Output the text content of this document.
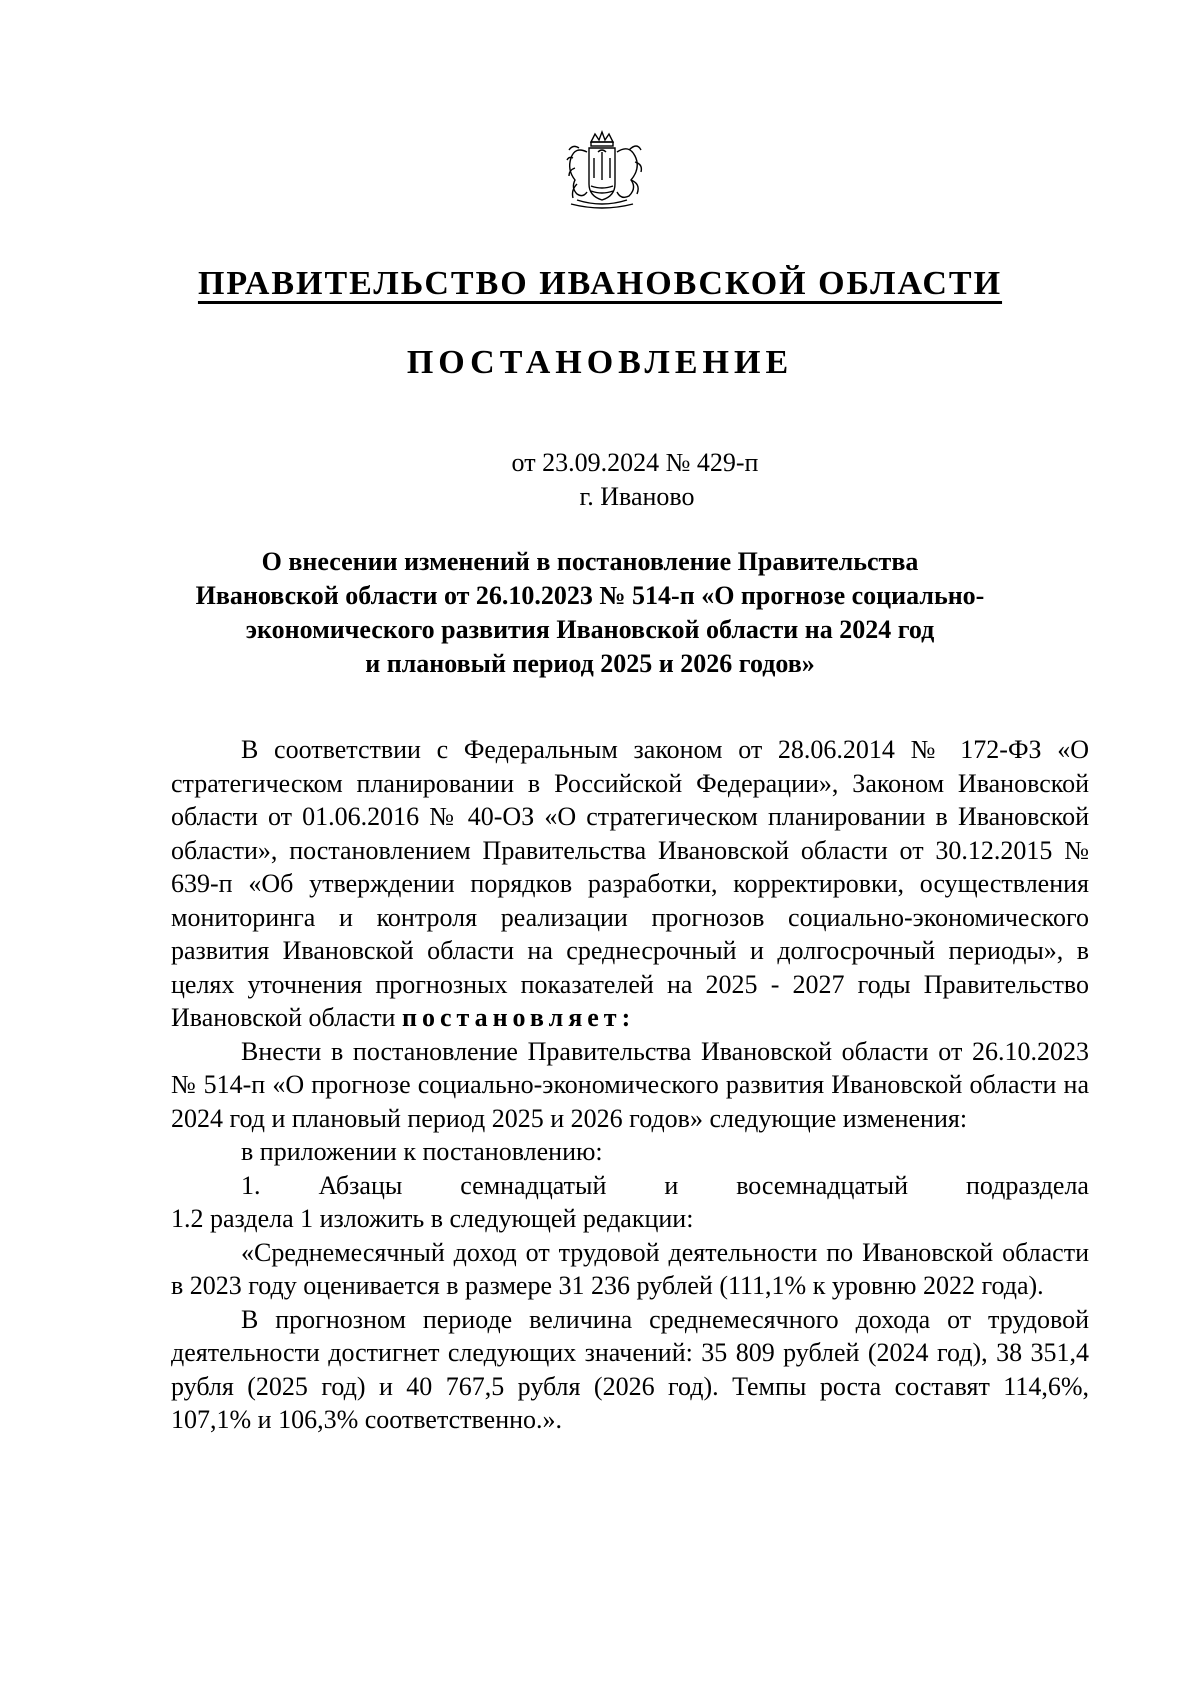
ПРАВИТЕЛЬСТВО ИВАНОВСКОЙ ОБЛАСТИ
ПОСТАНОВЛЕНИЕ
от 23.09.2024 № 429-п
г. Иваново
О внесении изменений в постановление Правительства
Ивановской области от 26.10.2023 № 514-п «О прогнозе социально-
экономического развития Ивановской области на 2024 год
и плановый период 2025 и 2026 годов»

В соответствии с Федеральным законом от 28.06.2014 № 172-ФЗ «О стратегическом планировании в Российской Федерации», Законом Ивановской области от 01.06.2016 № 40-ОЗ «О стратегическом планировании в Ивановской области», постановлением Правительства Ивановской области от 30.12.2015 № 639-п «Об утверждении порядков разработки, корректировки, осуществления мониторинга и контроля реализации прогнозов социально-экономического развития Ивановской области на среднесрочный и долгосрочный периоды», в целях уточнения прогнозных показателей на 2025 - 2027 годы Правительство Ивановской области постановляет:

Внести в постановление Правительства Ивановской области от 26.10.2023 № 514-п «О прогнозе социально-экономического развития Ивановской области на 2024 год и плановый период 2025 и 2026 годов» следующие изменения:

в приложении к постановлению:

1. Абзацы семнадцатый и восемнадцатый подраздела
1.2 раздела 1 изложить в следующей редакции:

«Среднемесячный доход от трудовой деятельности по Ивановской области в 2023 году оценивается в размере 31 236 рублей (111,1% к уровню 2022 года).

В прогнозном периоде величина среднемесячного дохода от трудовой деятельности достигнет следующих значений: 35 809 рублей (2024 год), 38 351,4 рубля (2025 год) и 40 767,5 рубля (2026 год). Темпы роста составят 114,6%, 107,1% и 106,3% соответственно.».
